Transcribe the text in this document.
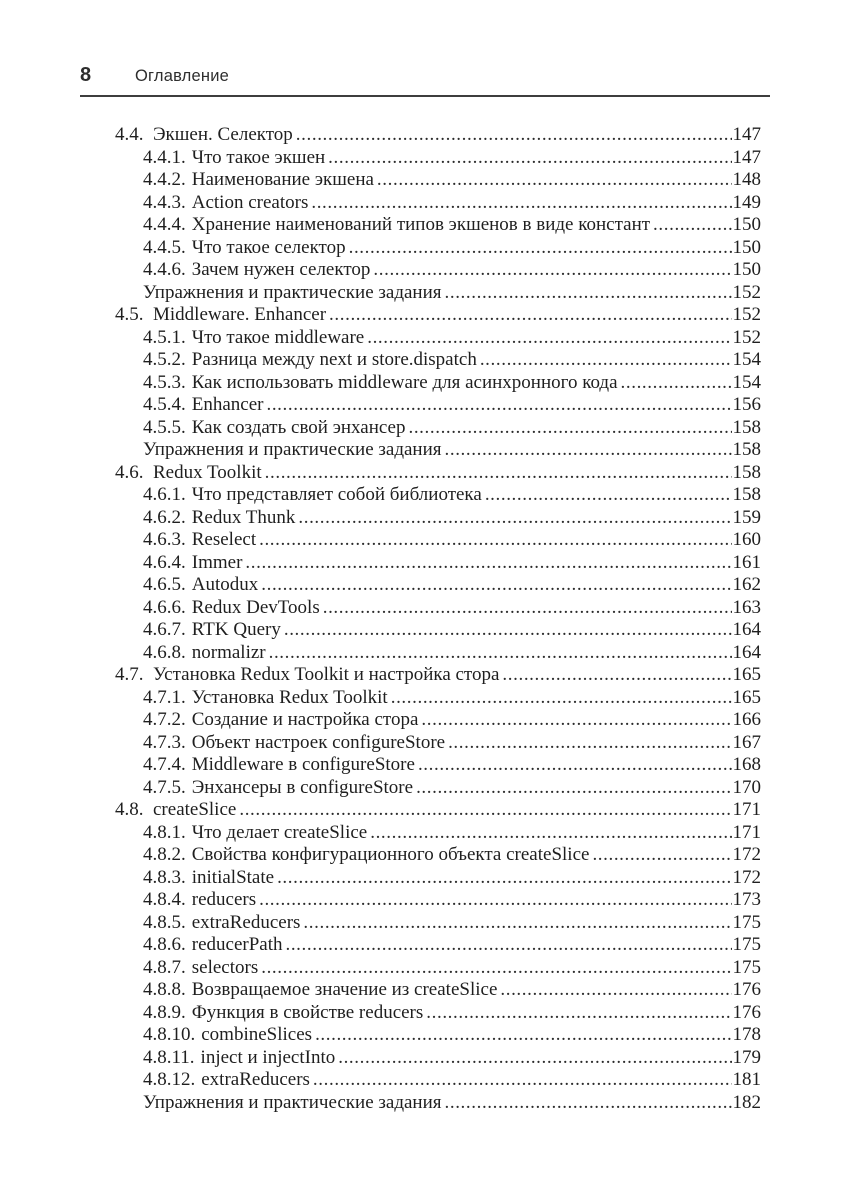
8	Оглавление
4.4. Экшен. Селектор .....	147
4.4.1. Что такое экшен .....	147
4.4.2. Наименование экшена .....	148
4.4.3. Action creators .....	149
4.4.4. Хранение наименований типов экшенов в виде констант .....	150
4.4.5. Что такое селектор .....	150
4.4.6. Зачем нужен селектор .....	150
Упражнения и практические задания .....	152
4.5. Middleware. Enhancer .....	152
4.5.1. Что такое middleware .....	152
4.5.2. Разница между next и store.dispatch .....	154
4.5.3. Как использовать middleware для асинхронного кода .....	154
4.5.4. Enhancer .....	156
4.5.5. Как создать свой энхансер .....	158
Упражнения и практические задания .....	158
4.6. Redux Toolkit .....	158
4.6.1. Что представляет собой библиотека .....	158
4.6.2. Redux Thunk .....	159
4.6.3. Reselect .....	160
4.6.4. Immer .....	161
4.6.5. Autodux .....	162
4.6.6. Redux DevTools .....	163
4.6.7. RTK Query .....	164
4.6.8. normalizr .....	164
4.7. Установка Redux Toolkit и настройка стора .....	165
4.7.1. Установка Redux Toolkit .....	165
4.7.2. Создание и настройка стора .....	166
4.7.3. Объект настроек configureStore .....	167
4.7.4. Middleware в configureStore .....	168
4.7.5. Энхансеры в configureStore .....	170
4.8. createSlice .....	171
4.8.1. Что делает createSlice .....	171
4.8.2. Свойства конфигурационного объекта createSlice .....	172
4.8.3. initialState .....	172
4.8.4. reducers .....	173
4.8.5. extraReducers .....	175
4.8.6. reducerPath .....	175
4.8.7. selectors .....	175
4.8.8. Возвращаемое значение из createSlice .....	176
4.8.9. Функция в свойстве reducers .....	176
4.8.10. combineSlices .....	178
4.8.11. inject и injectInto .....	179
4.8.12. extraReducers .....	181
Упражнения и практические задания .....	182
